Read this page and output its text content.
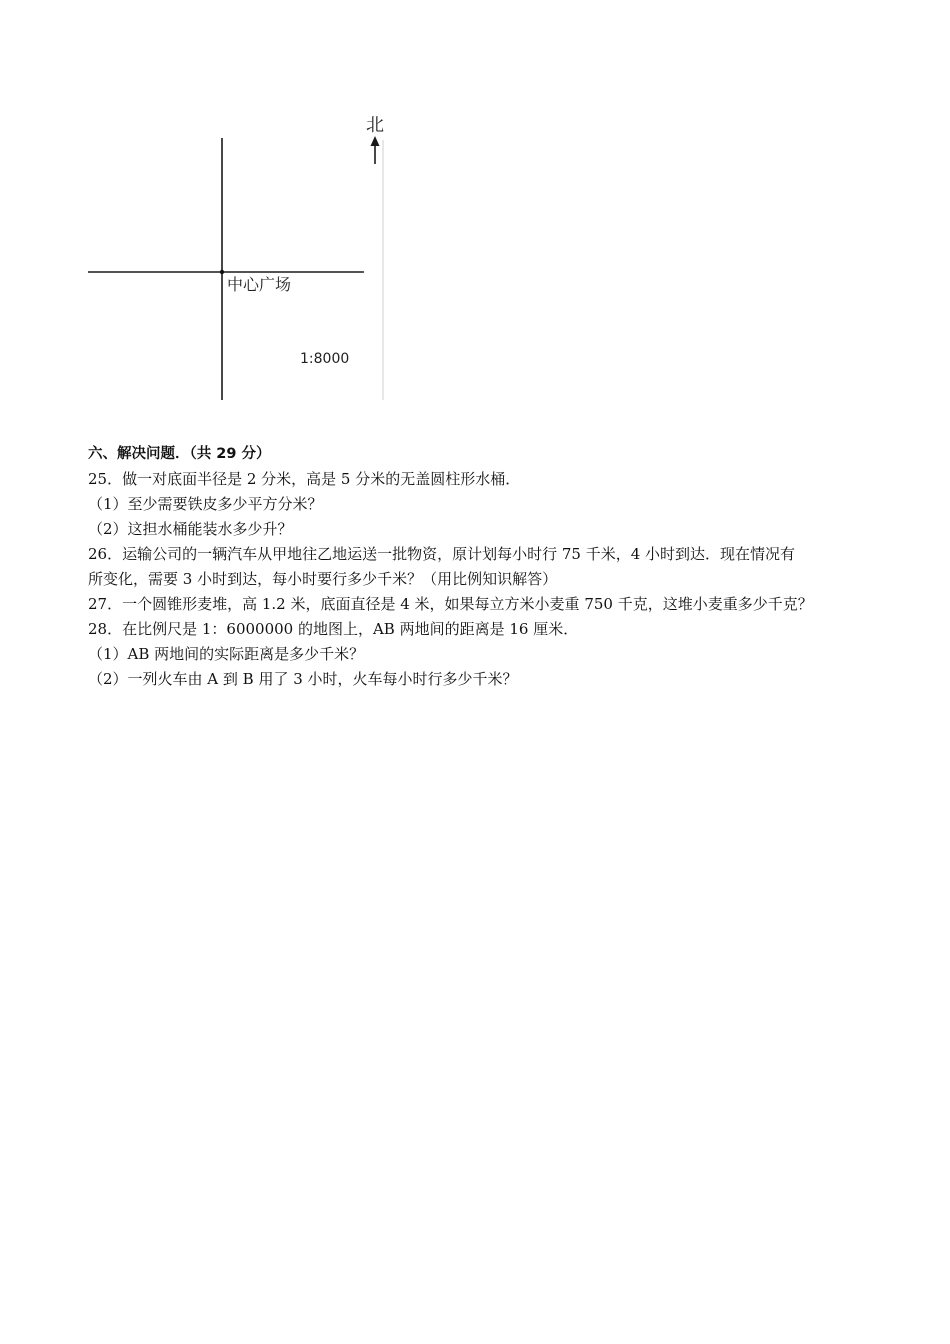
北
中心广场
1:8000
六、解决问题．（共 29 分）
25．做一对底面半径是 2 分米，高是 5 分米的无盖圆柱形水桶．
（1）至少需要铁皮多少平方分米？
（2）这担水桶能装水多少升？
26．运输公司的一辆汽车从甲地往乙地运送一批物资，原计划每小时行 75 千米，4 小时到达．现在情况有
所变化，需要 3 小时到达，每小时要行多少千米？（用比例知识解答）
27．一个圆锥形麦堆，高 1.2 米，底面直径是 4 米，如果每立方米小麦重 750 千克，这堆小麦重多少千克？
28．在比例尺是 1：6000000 的地图上，AB 两地间的距离是 16 厘米．
（1）AB 两地间的实际距离是多少千米？
（2）一列火车由 A 到 B 用了 3 小时，火车每小时行多少千米？
